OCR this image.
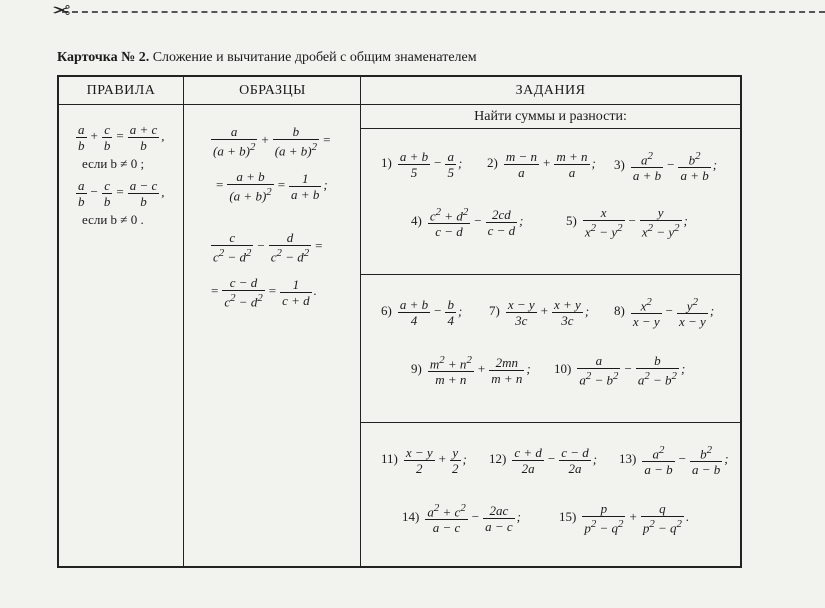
✂
Карточка № 2. Сложение и вычитание дробей с общим знаменателем
ПРАВИЛА	ОБРАЗЦЫ	ЗАДАНИЯ
Найти суммы и разности:
$\frac{a}{b} + \frac{c}{b} = \frac{a + c}{b}$ ,
если b ≠ 0 ;
$\frac{a}{b} - \frac{c}{b} = \frac{a - c}{b}$ ,
если b ≠ 0 .
$\frac{a}{(a + b)^2} + \frac{b}{(a + b)^2}$ =
= $\frac{a + b}{(a + b)^2} = \frac{1}{a + b}$ ;
$\frac{c}{c^2 - d^2} - \frac{d}{c^2 - d^2}$ =
= $\frac{c - d}{c^2 - d^2} = \frac{1}{c + d}$ .
$1) \frac{a + b}{5} - \frac{a}{5}$ ; $2) \frac{m - n}{a} + \frac{m + n}{a}$ ; $3) \frac{a^2}{a + b} - \frac{b^2}{a + b}$ ;
$4) \frac{c^2 + d^2}{c - d} - \frac{2cd}{c - d}$ ;	$5) \frac{x}{x^2 - y^2} - \frac{y}{x^2 - y^2}$ ;
$6) \frac{a + b}{4} - \frac{b}{4}$ ; $7) \frac{x - y}{3c} + \frac{x + y}{3c}$ ; $8) \frac{x^2}{x - y} - \frac{y^2}{x - y}$ ;
$9) \frac{m^2 + n^2}{m + n} + \frac{2mn}{m + n}$ ; $10) \frac{a}{a^2 - b^2} - \frac{b}{a^2 - b^2}$ ;
$11) \frac{x - y}{2} + \frac{y}{2}$ ; $12) \frac{c + d}{2a} - \frac{c - d}{2a}$ ; $13) \frac{a^2}{a - b} - \frac{b^2}{a - b}$ ;
$14) \frac{a^2 + c^2}{a - c} - \frac{2ac}{a - c}$ ;	$15) \frac{p}{p^2 - q^2} + \frac{q}{p^2 - q^2}$ .
